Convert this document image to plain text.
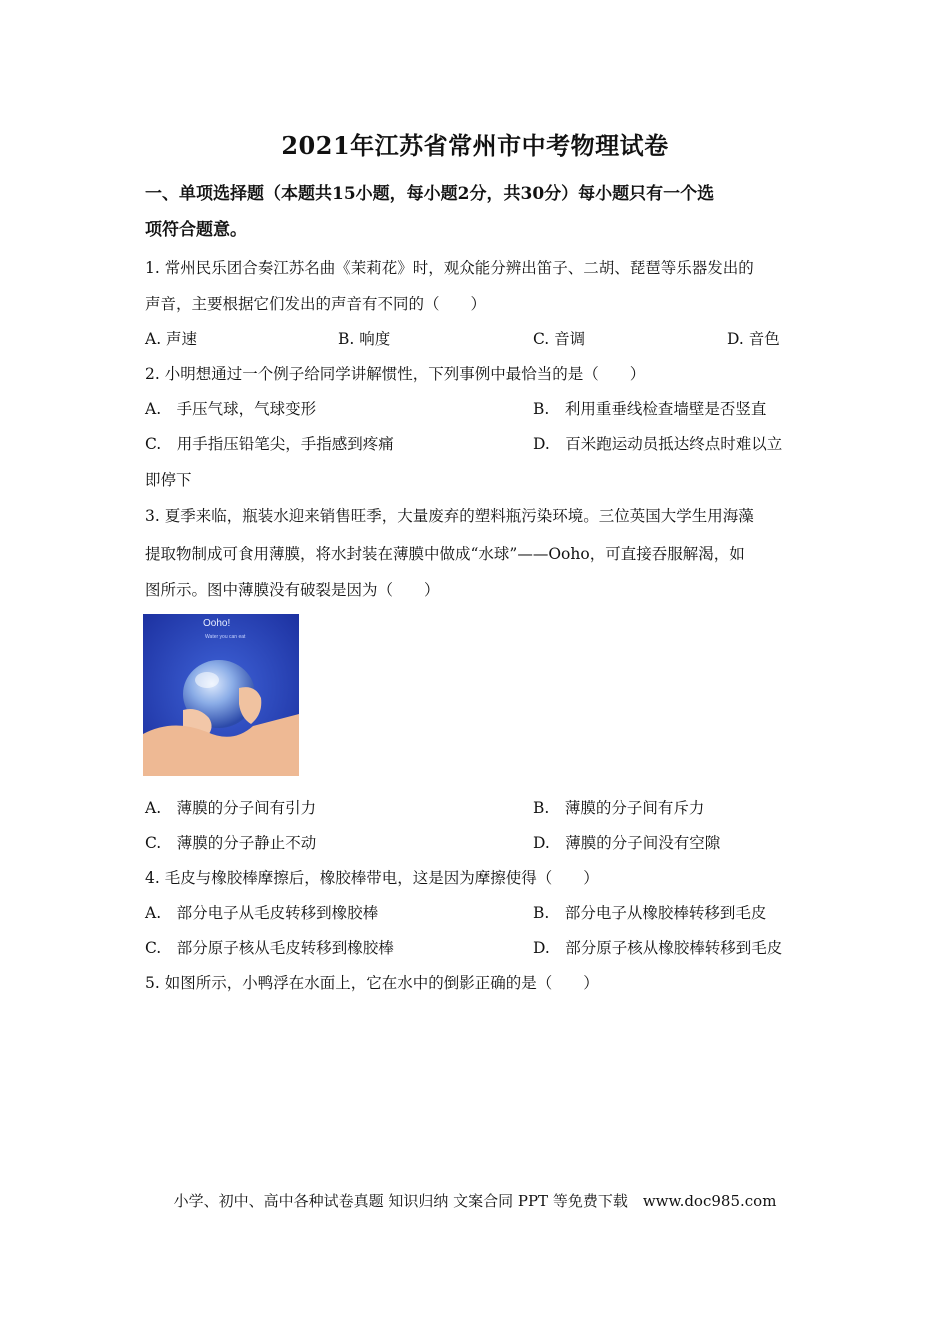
2021年江苏省常州市中考物理试卷
一、单项选择题（本题共15小题，每小题2分，共30分）每小题只有一个选
项符合题意。
1. 常州民乐团合奏江苏名曲《茉莉花》时，观众能分辨出笛子、二胡、琵琶等乐器发出的
声音，主要根据它们发出的声音有不同的（　　）
A. 声速	B. 响度	C. 音调	D. 音色
2. 小明想通过一个例子给同学讲解惯性，下列事例中最恰当的是（　　）
A.　手压气球，气球变形	B.　利用重垂线检查墙壁是否竖直
C.　用手指压铅笔尖，手指感到疼痛	D.　百米跑运动员抵达终点时难以立
即停下
3. 夏季来临，瓶装水迎来销售旺季，大量废弃的塑料瓶污染环境。三位英国大学生用海藻
提取物制成可食用薄膜，将水封装在薄膜中做成“水球”——Ooho，可直接吞服解渴，如
图所示。图中薄膜没有破裂是因为（　　）
Ooho!
Water you can eat
A.　薄膜的分子间有引力	B.　薄膜的分子间有斥力
C.　薄膜的分子静止不动	D.　薄膜的分子间没有空隙
4. 毛皮与橡胶棒摩擦后，橡胶棒带电，这是因为摩擦使得（　　）
A.　部分电子从毛皮转移到橡胶棒	B.　部分电子从橡胶棒转移到毛皮
C.　部分原子核从毛皮转移到橡胶棒	D.　部分原子核从橡胶棒转移到毛皮
5. 如图所示，小鸭浮在水面上，它在水中的倒影正确的是（　　）
小学、初中、高中各种试卷真题 知识归纳 文案合同 PPT 等免费下载　www.doc985.com
